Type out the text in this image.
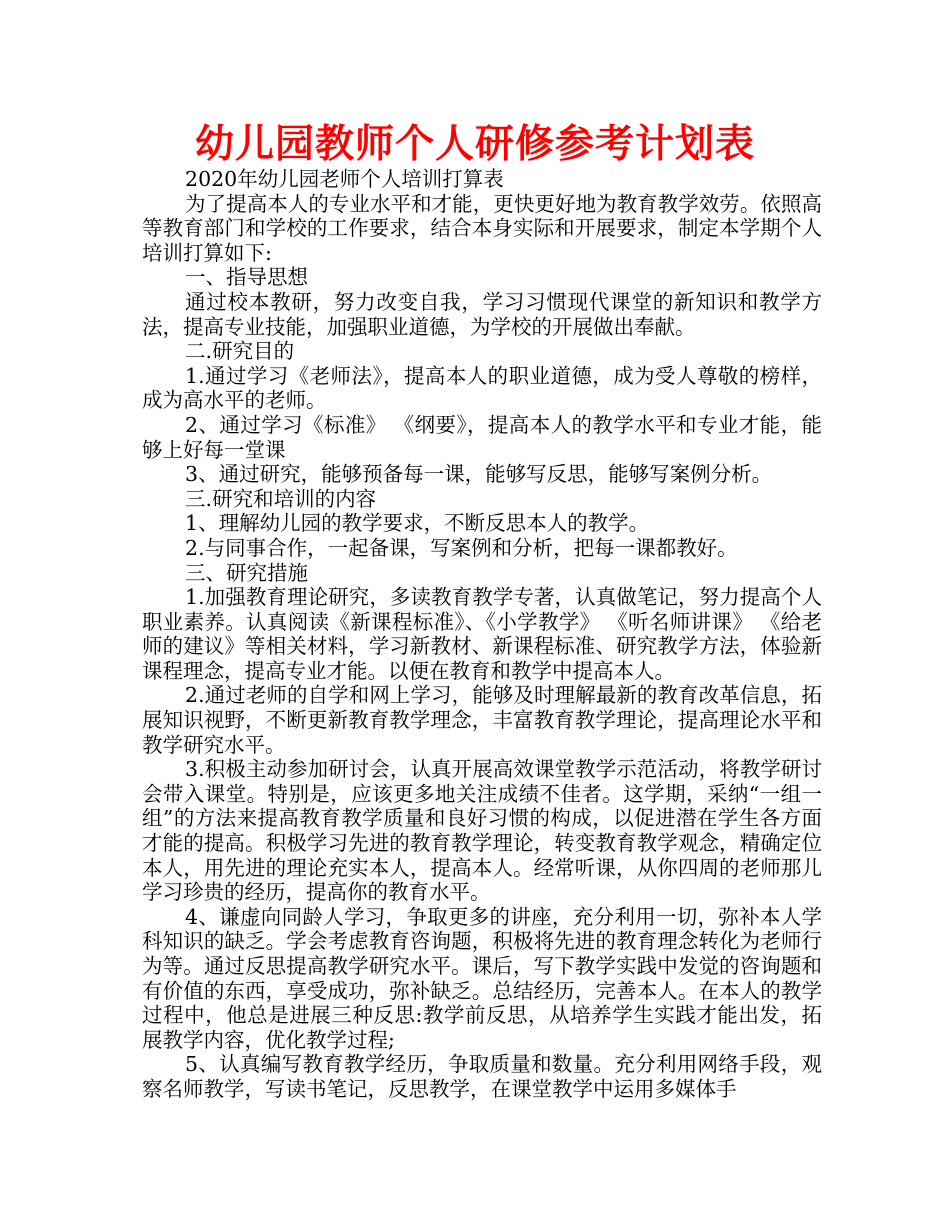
幼儿园教师个人研修参考计划表

2020年幼儿园老师个人培训打算表

为了提高本人的专业水平和才能，更快更好地为教育教学效劳。依照高等教育部门和学校的工作要求，结合本身实际和开展要求，制定本学期个人培训打算如下:

一、指导思想

通过校本教研，努力改变自我，学习习惯现代课堂的新知识和教学方法，提高专业技能，加强职业道德，为学校的开展做出奉献。

二.研究目的

1.通过学习《老师法》，提高本人的职业道德，成为受人尊敬的榜样，成为高水平的老师。

2、通过学习《标准》 《纲要》，提高本人的教学水平和专业才能，能够上好每一堂课

3、通过研究，能够预备每一课，能够写反思，能够写案例分析。

三.研究和培训的内容

1、理解幼儿园的教学要求，不断反思本人的教学。

2.与同事合作，一起备课，写案例和分析，把每一课都教好。

三、研究措施

1.加强教育理论研究，多读教育教学专著，认真做笔记，努力提高个人职业素养。认真阅读《新课程标准》、《小学教学》 《听名师讲课》 《给老师的建议》等相关材料，学习新教材、新课程标准、研究教学方法，体验新课程理念，提高专业才能。以便在教育和教学中提高本人。

2.通过老师的自学和网上学习，能够及时理解最新的教育改革信息，拓展知识视野，不断更新教育教学理念，丰富教育教学理论，提高理论水平和教学研究水平。

3.积极主动参加研讨会，认真开展高效课堂教学示范活动，将教学研讨会带入课堂。特别是，应该更多地关注成绩不佳者。这学期，采纳“一组一组”的方法来提高教育教学质量和良好习惯的构成，以促进潜在学生各方面才能的提高。积极学习先进的教育教学理论，转变教育教学观念，精确定位本人，用先进的理论充实本人，提高本人。经常听课，从你四周的老师那儿学习珍贵的经历，提高你的教育水平。

4、谦虚向同龄人学习，争取更多的讲座，充分利用一切，弥补本人学科知识的缺乏。学会考虑教育咨询题，积极将先进的教育理念转化为老师行为等。通过反思提高教学研究水平。课后，写下教学实践中发觉的咨询题和有价值的东西，享受成功，弥补缺乏。总结经历，完善本人。在本人的教学过程中，他总是进展三种反思:教学前反思，从培养学生实践才能出发，拓展教学内容，优化教学过程;

5、认真编写教育教学经历，争取质量和数量。充分利用网络手段，观察名师教学，写读书笔记，反思教学，在课堂教学中运用多媒体手
